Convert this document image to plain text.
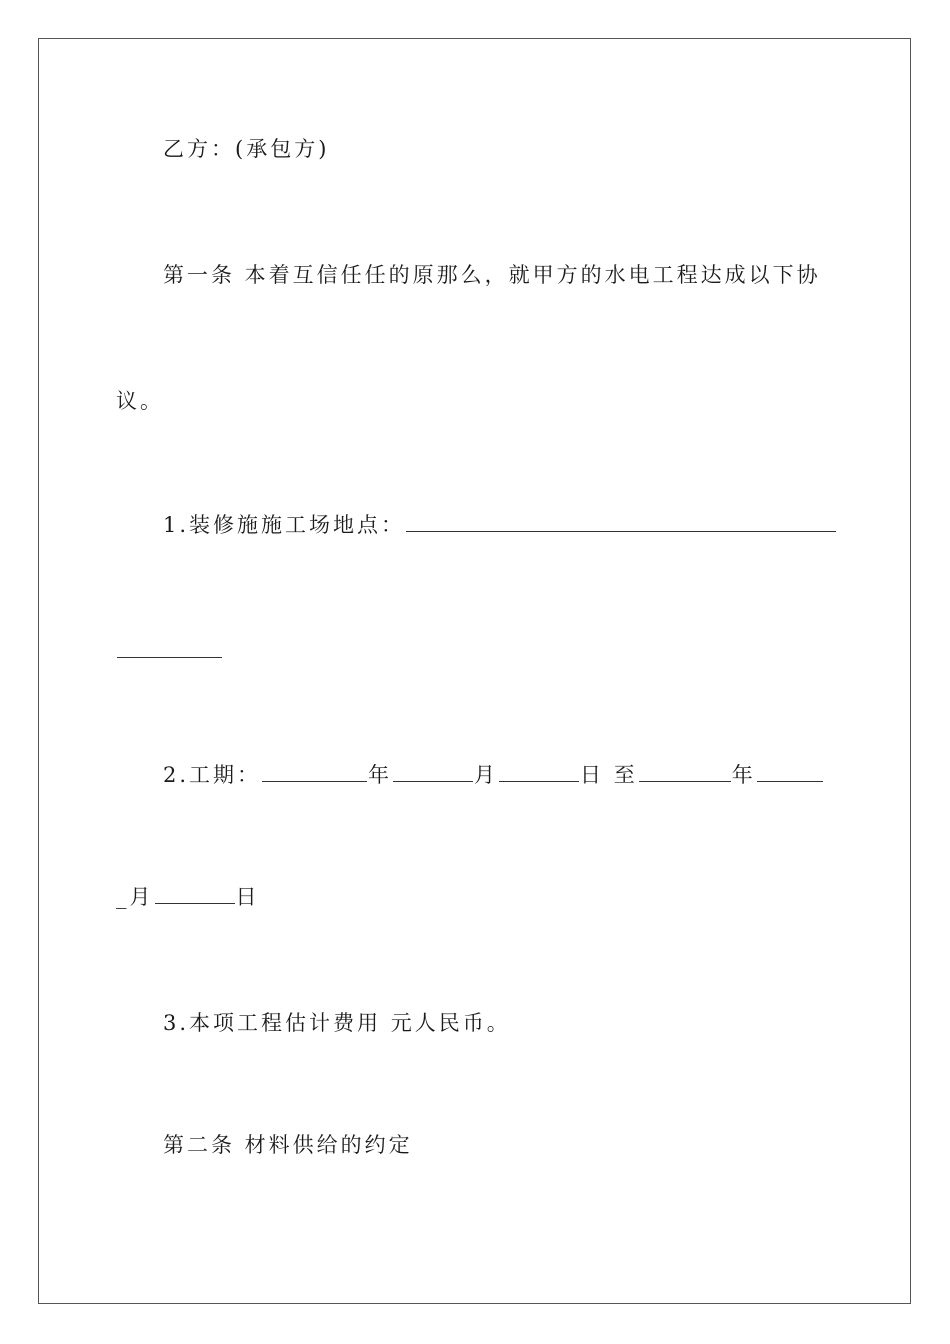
乙方：(承包方)
第一条 本着互信任任的原那么，就甲方的水电工程达成以下协
议。
1.装修施施工场地点：
2.工期：	年	月	日 至	年
_月	日
3.本项工程估计费用 元人民币。
第二条 材料供给的约定
